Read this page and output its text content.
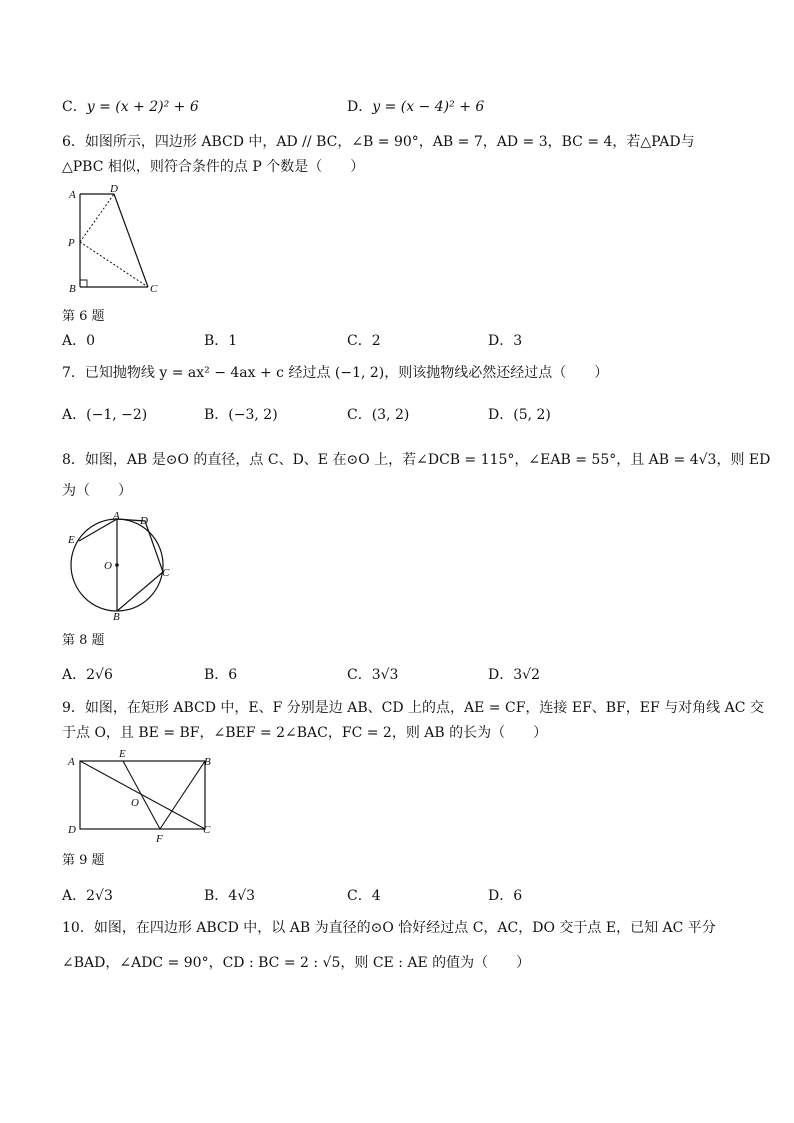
C．y = (x + 2)² + 6	D．y = (x − 4)² + 6
6．如图所示，四边形 ABCD 中，AD // BC，∠B = 90°，AB = 7，AD = 3，BC = 4，若△PAD与
△PBC 相似，则符合条件的点 P 个数是（　　）
A	D
P
B	C
第 6 题
A．0	B．1	C．2	D．3
7．已知抛物线 y = ax² − 4ax + c 经过点 (−1, 2)，则该抛物线必然还经过点（　　）
A．(−1, −2)	B．(−3, 2)	C．(3, 2)	D．(5, 2)
8．如图，AB 是⊙O 的直径，点 C、D、E 在⊙O 上，若∠DCB = 115°，∠EAB = 55°，且 AB = 4√3，则 ED
为（　　）
A D
E
O
C
B
第 8 题
A．2√6	B．6	C．3√3	D．3√2
9．如图，在矩形 ABCD 中，E、F 分别是边 AB、CD 上的点，AE = CF，连接 EF、BF，EF 与对角线 AC 交
于点 O，且 BE = BF，∠BEF = 2∠BAC，FC = 2，则 AB 的长为（　　）
A
E
B
O
D
F
C
第 9 题
A．2√3	B．4√3	C．4	D．6
10．如图，在四边形 ABCD 中，以 AB 为直径的⊙O 恰好经过点 C，AC，DO 交于点 E，已知 AC 平分
∠BAD，∠ADC = 90°，CD : BC = 2 : √5，则 CE : AE 的值为（　　）
